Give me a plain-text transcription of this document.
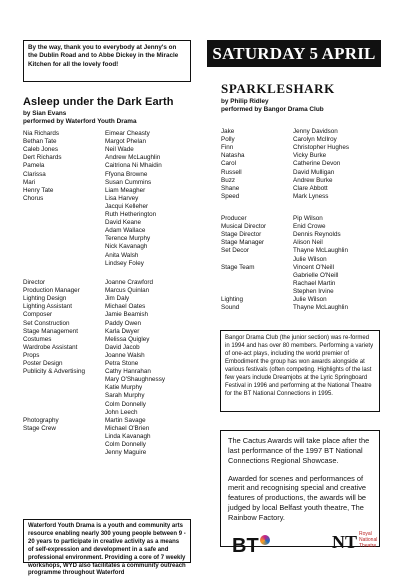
By the way, thank you to everybody at Jenny's on the Dublin Road and to Abbe Dickey in the Miracle Kitchen for all the lovely food!
SATURDAY 5 APRIL
Asleep under the Dark Earth
by Sian Evans
performed by Waterford Youth Drama
Nia Richards	Eimear Cheasty
Bethan Tate	Margot Phelan
Caleb Jones	Neil Wade
Dert Richards	Andrew McLaughlin
Pamela	Caitriona Ni Mhaidin
Clarissa	Ffyona Browne
Mari	Susan Cummins
Henry Tate	Liam Meagher
Chorus	Lisa Harvey
Jacqui Kelleher
Ruth Hetherington
David Keane
Adam Wallace
Terence Murphy
Nick Kavanagh
Anita Walsh
Lindsey Foley
Director	Joanne Crawford
Production Manager	Marcus Quinlan
Lighting Design	Jim Daly
Lighting Assistant	Michael Oates
Composer	Jamie Beamish
Set Construction	Paddy Owen
Stage Management	Karla Dwyer
Costumes	Melissa Quigley
Wardrobe Assistant	David Jacob
Props	Joanne Walsh
Poster Design	Petra Stone
Publicity & Advertising	Cathy Hanrahan
Mary O'Shaughnessy
Katie Murphy
Sarah Murphy
Colm Donnelly
John Leech
Photography	Martin Savage
Stage Crew	Michael O'Brien
Linda Kavanagh
Colm Donnelly
Jenny Maguire
Waterford Youth Drama is a youth and community arts resource enabling nearly 300 young people between 9 - 20 years to participate in creative activity as a means of self-expression and development in a safe and professional environment. Providing a core of 7 weekly workshops, WYD also facilitates a community outreach programme throughout Waterford
SPARKLESHARK
by Philip Ridley
performed by Bangor Drama Club
Jake	Jenny Davidson
Polly	Carolyn McIlroy
Finn	Christopher Hughes
Natasha	Vicky Burke
Carol	Catherine Devon
Russell	David Mulligan
Buzz	Andrew Burke
Shane	Clare Abbott
Speed	Mark Lyness
Producer	Pip Wilson
Musical Director	Enid Crowe
Stage Director	Dennis Reynolds
Stage Manager	Alison Neil
Set Decor	Thayne McLaughlin
Julie Wilson
Stage Team	Vincent O'Neill
Gabrielle O'Neill
Rachael Martin
Stephen Irvine
Lighting	Julie Wilson
Sound	Thayne McLaughlin
Bangor Drama Club (the junior section) was re-formed in 1994 and has over 80 members. Performing a variety of one-act plays, including the world premier of Embodiment the group has won awards alongside at various festivals (often competing. Highlights of the last few years include Dreamjobs at the Lyric Springboard Festival in 1996 and performing at the National Theatre for the BT National Connections in 1995.

The Cactus Awards will take place after the last performance of the 1997 BT National Connections Regional Showcase.

Awarded for scenes and performances of merit and recognising special and creative features of productions, the awards will be judged by local Belfast youth theatre, The Rainbow Factory.

BT	NT Royal National Theatre
